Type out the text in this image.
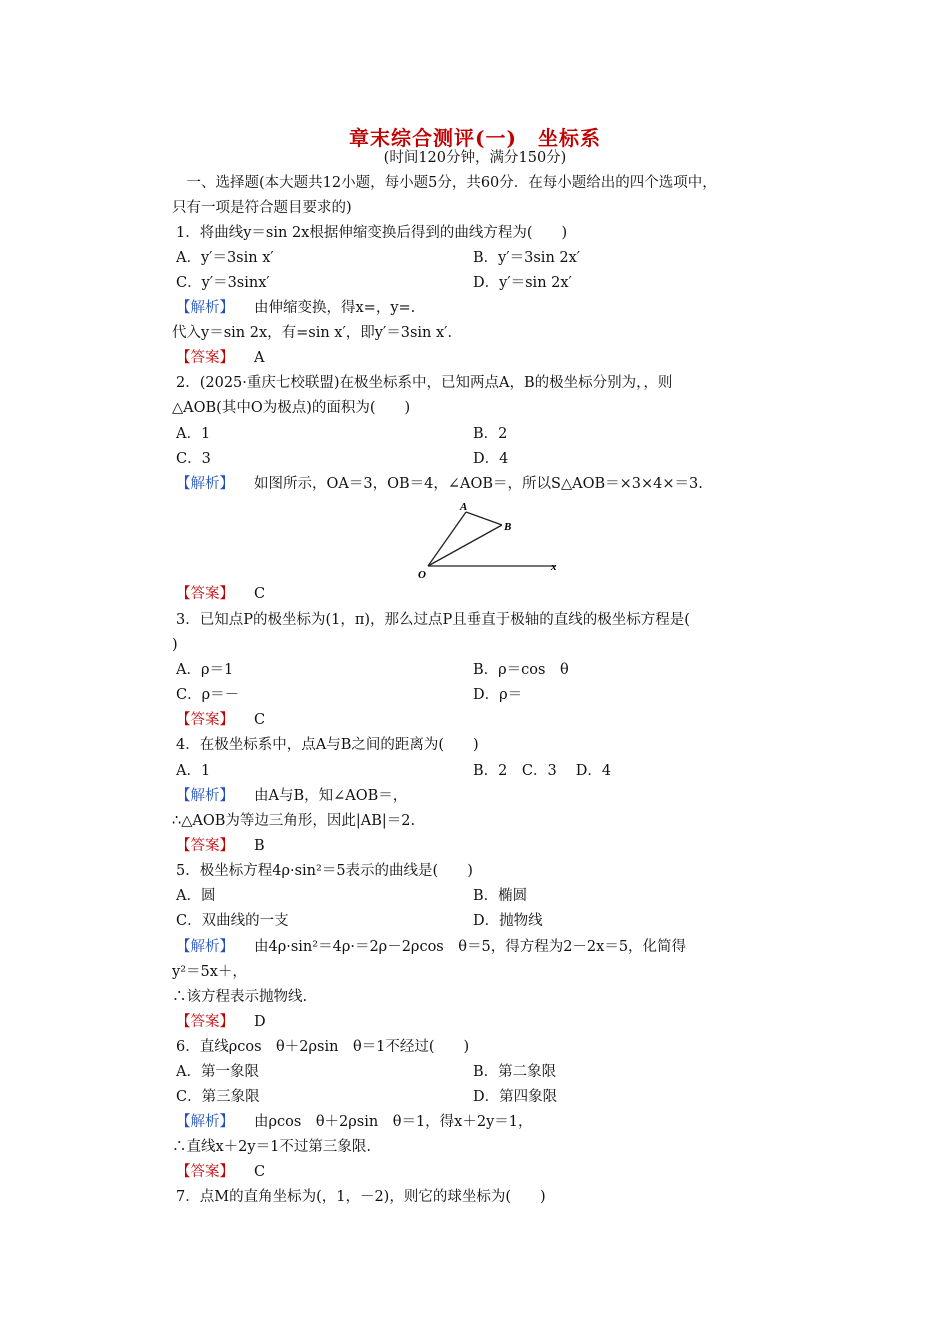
章末综合测评(一)　坐标系
(时间120分钟，满分150分)
　一、选择题(本大题共12小题，每小题5分，共60分．在每小题给出的四个选项中，
只有一项是符合题目要求的)
1．将曲线y＝sin 2x根据伸缩变换后得到的曲线方程为(　　)
A．y′＝3sin x′	B．y′＝3sin 2x′
C．y′＝3sinx′	D．y′＝sin 2x′
【解析】 由伸缩变换，得x=，y=.
代入y＝sin 2x，有=sin x′，即y′＝3sin x′．
【答案】 A
2．(2025·重庆七校联盟)在极坐标系中，已知两点A，B的极坐标分别为，，则
△AOB(其中O为极点)的面积为(　　)
A．1	B．2
C．3	D．4
【解析】 如图所示，OA＝3，OB＝4，∠AOB＝，所以S△AOB＝×3×4×＝3.
A
B
O
x
【答案】 C
3．已知点P的极坐标为(1，π)，那么过点P且垂直于极轴的直线的极坐标方程是(
)
A．ρ＝1	B．ρ＝cos　θ
C．ρ＝－	D．ρ＝
【答案】 C
4．在极坐标系中，点A与B之间的距离为(　　)
A．1	B．2　C．3　 D．4
【解析】 由A与B，知∠AOB＝，
∴△AOB为等边三角形，因此|AB|＝2.
【答案】 B
5．极坐标方程4ρ·sin²＝5表示的曲线是(　　)
A．圆	B．椭圆
C．双曲线的一支	D．抛物线
【解析】 由4ρ·sin²＝4ρ·＝2ρ－2ρcos　θ＝5，得方程为2－2x＝5，化简得
y²＝5x＋，
∴该方程表示抛物线.
【答案】 D
6．直线ρcos　θ＋2ρsin　θ＝1不经过(　　)
A．第一象限	B．第二象限
C．第三象限	D．第四象限
【解析】 由ρcos　θ＋2ρsin　θ＝1，得x＋2y＝1，
∴直线x＋2y＝1不过第三象限.
【答案】 C
7．点M的直角坐标为(，1，－2)，则它的球坐标为(　　)
